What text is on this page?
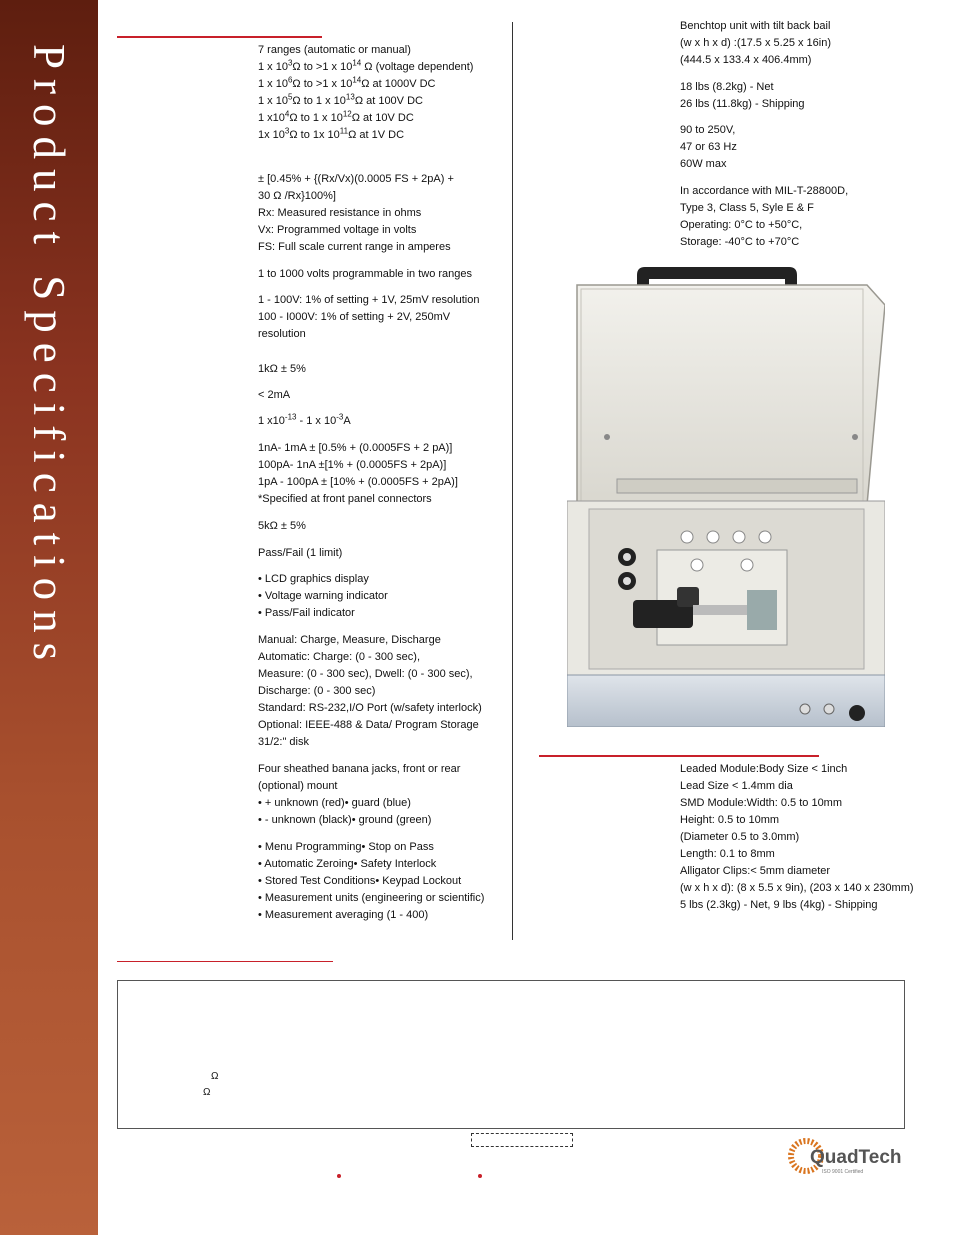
Product Specifications	7 ranges (automatic or manual)
1 x $10^3\Omega$ to >1 x $10^{14}$ Ω (voltage dependent)
1 x $10^6\Omega$ to >1 x $10^{14}\Omega$ at 1000V DC
1 x $10^5\Omega$ to 1 x $10^{13}\Omega$ at 100V DC
1 $x10^4\Omega$ to 1 x $10^{12}\Omega$ at 10V DC
1x $10^3\Omega$ to 1x $10^{11}\Omega$ at 1V DC
± [0.45% + {(Rx/Vx)(0.0005 FS + 2pA) +
30 Ω /Rx}100%]
Rx: Measured resistance in ohms
Vx: Programmed voltage in volts
FS: Full scale current range in amperes
1 to 1000 volts programmable in two ranges
1 - 100V: 1% of setting + 1V, 25mV resolution
100 - I000V: 1% of setting + 2V, 250mV
resolution
1kΩ ± 5%
< 2mA
1 $x10^{-13} - 1$ x $10^{-3}A$
1nA- 1mA ± [0.5% + (0.0005FS + 2 pA)]
100pA- 1nA ±[1% + (0.0005FS + 2pA)]
1pA - 100pA ± [10% + (0.0005FS + 2pA)]
*Specified at front panel connectors
5kΩ ± 5%
Pass/Fail (1 limit)
• LCD graphics display
• Voltage warning indicator
• Pass/Fail indicator
Manual: Charge, Measure, Discharge
Automatic: Charge: (0 - 300 sec),
Measure: (0 - 300 sec), Dwell: (0 - 300 sec),
Discharge: (0 - 300 sec)
Standard: RS-232,I/O Port (w/safety interlock)
Optional: IEEE-488 & Data/ Program Storage
31/2:" disk
Four sheathed banana jacks, front or rear
(optional) mount
• + unknown (red)• guard (blue)
• - unknown (black)• ground (green)
• Menu Programming• Stop on Pass
• Automatic Zeroing• Safety Interlock
• Stored Test Conditions• Keypad Lockout
• Measurement units (engineering or scientific)
• Measurement averaging (1 - 400)
Benchtop unit with tilt back bail
(w x h x d) :(17.5 x 5.25 x 16in)
(444.5 x 133.4 x 406.4mm)
18 lbs (8.2kg) - Net
26 lbs (11.8kg) - Shipping
90 to 250V,
47 or 63 Hz
60W max
In accordance with MIL-T-28800D,
Type 3, Class 5, Syle E & F
Operating: 0°C to +50°C,
Storage: -40°C to +70°C
Leaded Module:Body Size < 1inch
Lead Size < 1.4mm dia
SMD Module:Width: 0.5 to 10mm
Height: 0.5 to 10mm
(Diameter 0.5 to 3.0mm)
Length: 0.1 to 8mm
Alligator Clips:< 5mm diameter
(w x h x d): (8 x 5.5 x 9in), (203 x 140 x 230mm)
5 lbs (2.3kg) - Net, 9 lbs (4kg) - Shipping
Ω
Ω
QuadTech
ISO 9001 Certified
